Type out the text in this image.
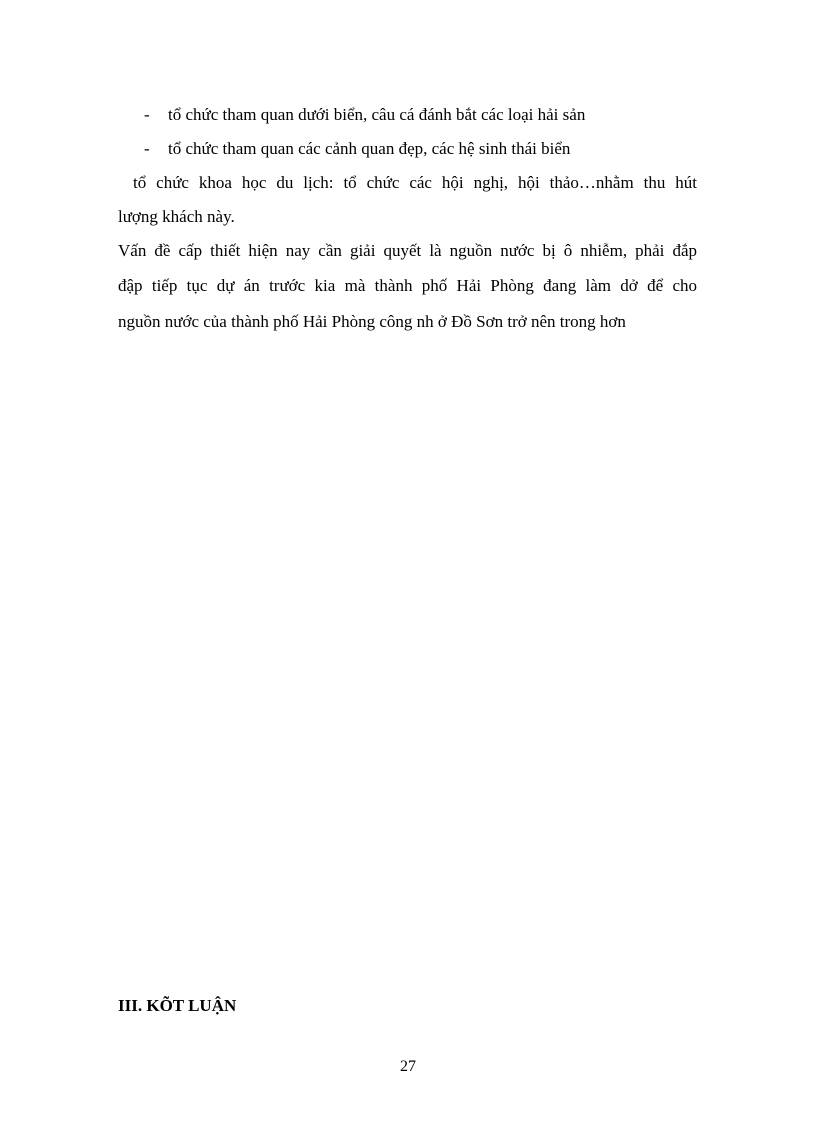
- tổ chức tham quan dưới biển, câu cá đánh bắt các loại hải sản
- tổ chức tham quan các cảnh quan đẹp, các hệ sinh thái biển
tổ chức khoa học du lịch: tổ chức các hội nghị, hội thảo…nhằm thu hút
lượng khách này.
Vấn đề cấp thiết hiện nay cần giải quyết là nguồn nước bị ô nhiễm, phải đắp
đập tiếp tục dự án trước kia mà thành phố Hải Phòng đang làm dở để cho
nguồn nước của thành phố Hải Phòng công nh ở Đồ Sơn trở nên trong hơn
III. KÕT LUẬN
27
